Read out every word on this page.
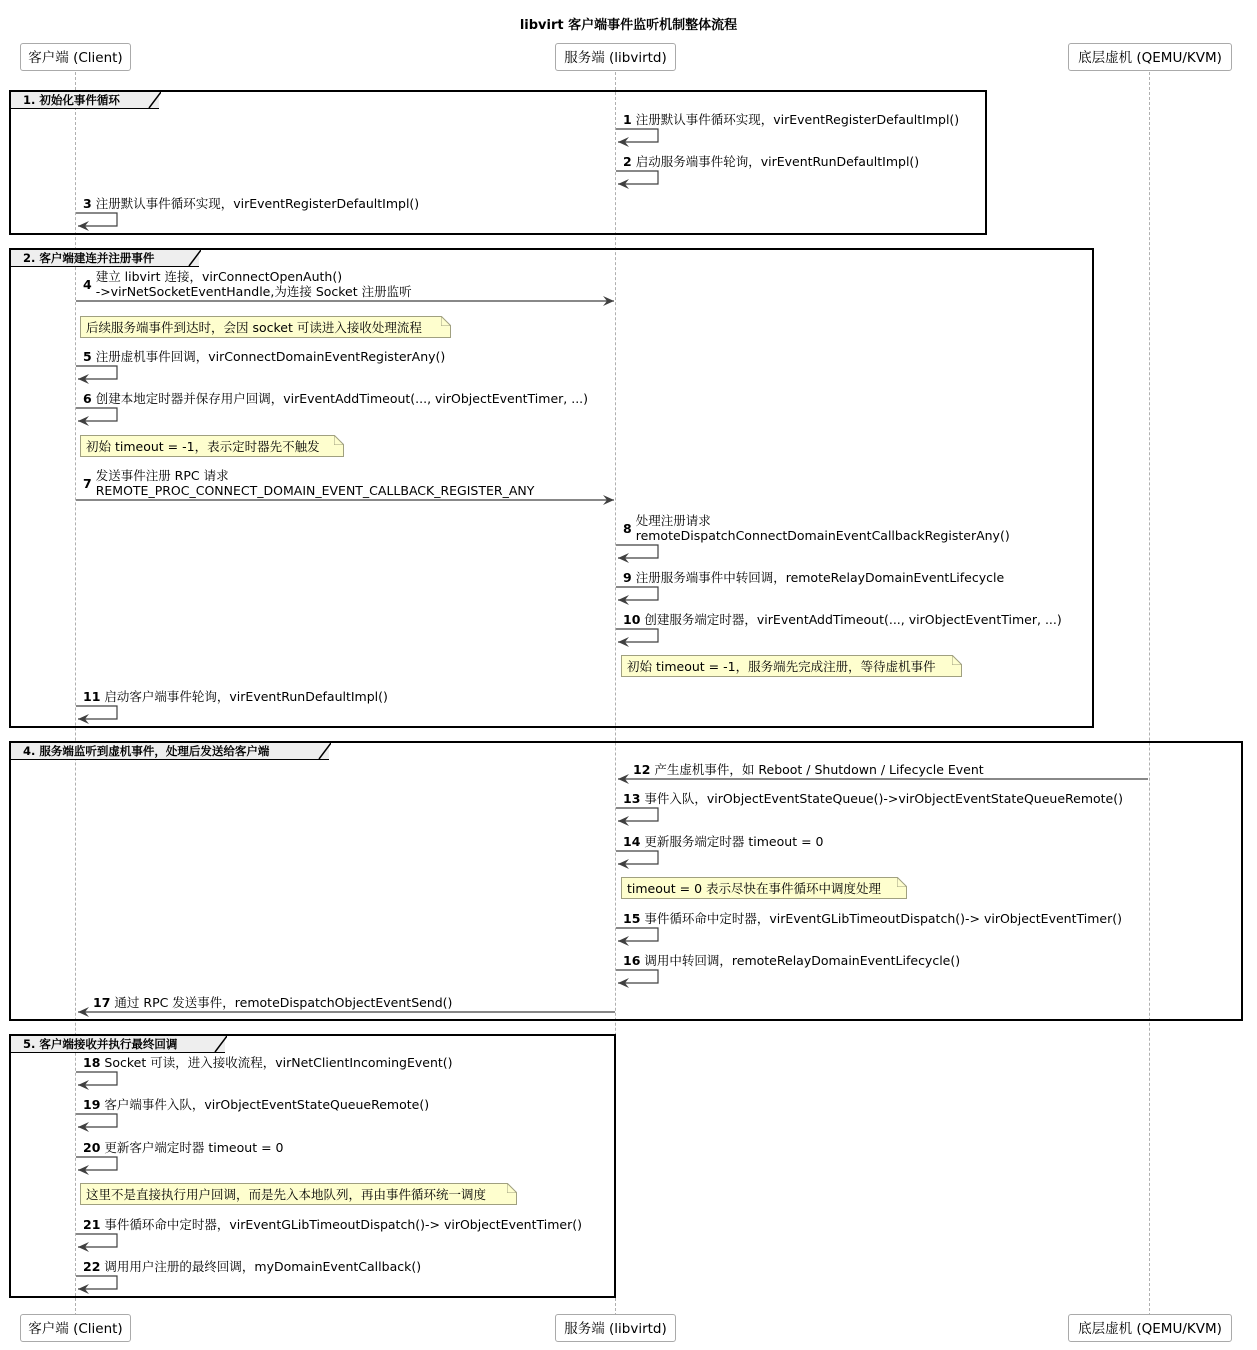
libvirt 客户端事件监听机制整体流程
客户端 (Client)	服务端 (libvirtd)	底层虚机 (QEMU/KVM)
客户端 (Client)	服务端 (libvirtd)	底层虚机 (QEMU/KVM)
1. 初始化事件循环
2. 客户端建连并注册事件
4. 服务端监听到虚机事件，处理后发送给客户端
5. 客户端接收并执行最终回调
1 注册默认事件循环实现，virEventRegisterDefaultImpl()
2 启动服务端事件轮询，virEventRunDefaultImpl()
3 注册默认事件循环实现，virEventRegisterDefaultImpl()
4 建立 libvirt 连接，virConnectOpenAuth()
->virNetSocketEventHandle,为连接 Socket 注册监听
5 注册虚机事件回调，virConnectDomainEventRegisterAny()
6 创建本地定时器并保存用户回调，virEventAddTimeout(..., virObjectEventTimer, ...)
7 发送事件注册 RPC 请求
REMOTE_PROC_CONNECT_DOMAIN_EVENT_CALLBACK_REGISTER_ANY
8 处理注册请求
remoteDispatchConnectDomainEventCallbackRegisterAny()
9 注册服务端事件中转回调，remoteRelayDomainEventLifecycle
10 创建服务端定时器，virEventAddTimeout(..., virObjectEventTimer, ...)
11 启动客户端事件轮询，virEventRunDefaultImpl()
12 产生虚机事件，如 Reboot / Shutdown / Lifecycle Event
13 事件入队，virObjectEventStateQueue()->virObjectEventStateQueueRemote()
14 更新服务端定时器 timeout = 0
15 事件循环命中定时器，virEventGLibTimeoutDispatch()-> virObjectEventTimer()
16 调用中转回调，remoteRelayDomainEventLifecycle()
17 通过 RPC 发送事件，remoteDispatchObjectEventSend()
18 Socket 可读，进入接收流程，virNetClientIncomingEvent()
19 客户端事件入队，virObjectEventStateQueueRemote()
20 更新客户端定时器 timeout = 0
21 事件循环命中定时器，virEventGLibTimeoutDispatch()-> virObjectEventTimer()
22 调用用户注册的最终回调，myDomainEventCallback()
后续服务端事件到达时，会因 socket 可读进入接收处理流程
初始 timeout = -1，表示定时器先不触发
初始 timeout = -1，服务端先完成注册，等待虚机事件
timeout = 0 表示尽快在事件循环中调度处理
这里不是直接执行用户回调，而是先入本地队列，再由事件循环统一调度
